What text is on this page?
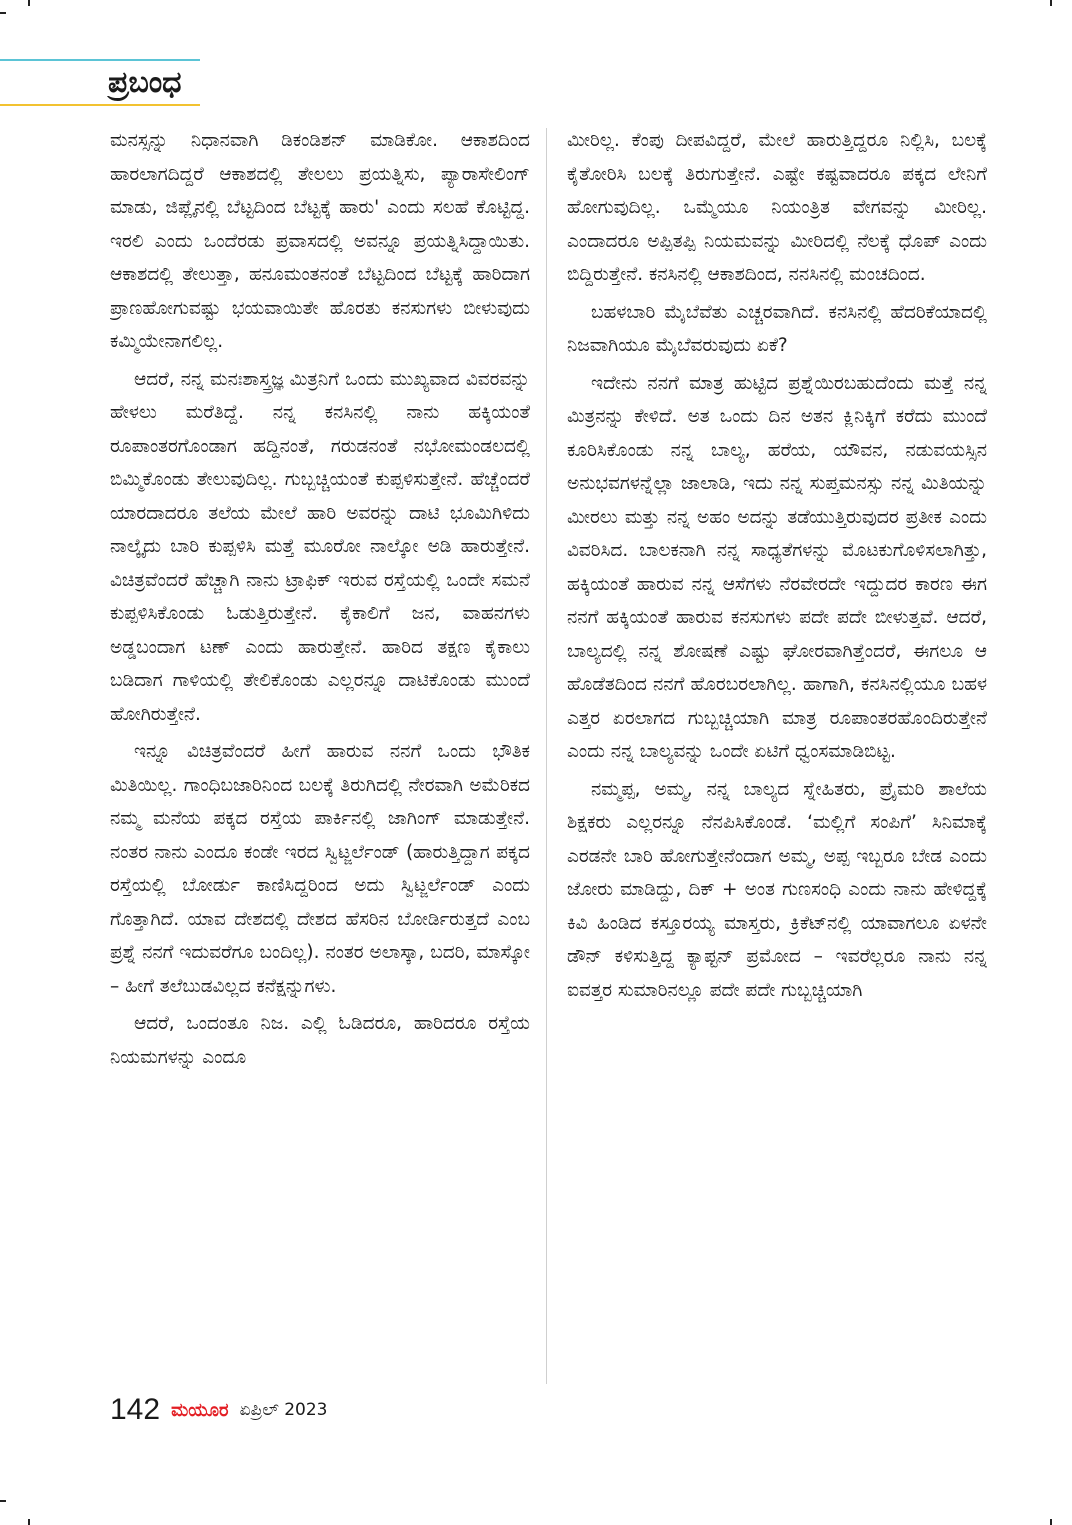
ಪ್ರಬಂಧ

ಮನಸ್ಸನ್ನು ನಿಧಾನವಾಗಿ ಡಿಕಂಡಿಶನ್ ಮಾಡಿಕೋ. ಆಕಾಶದಿಂದ ಹಾರಲಾಗದಿದ್ದರೆ ಆಕಾಶದಲ್ಲಿ ತೇಲಲು ಪ್ರಯತ್ನಿಸು, ಪ್ಯಾರಾಸೇಲಿಂಗ್ ಮಾಡು, ಜಿಪ್ಲೈನಲ್ಲಿ ಬೆಟ್ಟದಿಂದ ಬೆಟ್ಟಕ್ಕೆ ಹಾರು' ಎಂದು ಸಲಹೆ ಕೊಟ್ಟಿದ್ದ. ಇರಲಿ ಎಂದು ಒಂದೆರಡು ಪ್ರವಾಸದಲ್ಲಿ ಅವನ್ನೂ ಪ್ರಯತ್ನಿಸಿದ್ದಾಯಿತು. ಆಕಾಶದಲ್ಲಿ ತೇಲುತ್ತಾ, ಹನೂಮಂತನಂತೆ ಬೆಟ್ಟದಿಂದ ಬೆಟ್ಟಕ್ಕೆ ಹಾರಿದಾಗ ಪ್ರಾಣಹೋಗುವಷ್ಟು ಭಯವಾಯಿತೇ ಹೊರತು ಕನಸುಗಳು ಬೀಳುವುದು ಕಮ್ಮಿಯೇನಾಗಲಿಲ್ಲ.

ಆದರೆ, ನನ್ನ ಮನಃಶಾಸ್ತ್ರಜ್ಞ ಮಿತ್ರನಿಗೆ ಒಂದು ಮುಖ್ಯವಾದ ವಿವರವನ್ನು ಹೇಳಲು ಮರೆತಿದ್ದೆ. ನನ್ನ ಕನಸಿನಲ್ಲಿ ನಾನು ಹಕ್ಕಿಯಂತೆ ರೂಪಾಂತರಗೊಂಡಾಗ ಹದ್ದಿನಂತೆ, ಗರುಡನಂತೆ ನಭೋಮಂಡಲದಲ್ಲಿ ಬಿಮ್ಮಿಕೊಂಡು ತೇಲುವುದಿಲ್ಲ. ಗುಬ್ಬಚ್ಚಿಯಂತೆ ಕುಪ್ಪಳಿಸುತ್ತೇನೆ. ಹೆಚ್ಚೆಂದರೆ ಯಾರದಾದರೂ ತಲೆಯ ಮೇಲೆ ಹಾರಿ ಅವರನ್ನು ದಾಟಿ ಭೂಮಿಗಿಳಿದು ನಾಲ್ಕೈದು ಬಾರಿ ಕುಪ್ಪಳಿಸಿ ಮತ್ತೆ ಮೂರೋ ನಾಲ್ಕೋ ಅಡಿ ಹಾರುತ್ತೇನೆ. ವಿಚಿತ್ರವೆಂದರೆ ಹೆಚ್ಚಾಗಿ ನಾನು ಟ್ರಾಫಿಕ್ ಇರುವ ರಸ್ತೆಯಲ್ಲಿ ಒಂದೇ ಸಮನೆ ಕುಪ್ಪಳಿಸಿಕೊಂಡು ಓಡುತ್ತಿರುತ್ತೇನೆ. ಕೈಕಾಲಿಗೆ ಜನ, ವಾಹನಗಳು ಅಡ್ಡಬಂದಾಗ ಟಣ್ ಎಂದು ಹಾರುತ್ತೇನೆ. ಹಾರಿದ ತಕ್ಷಣ ಕೈಕಾಲು ಬಡಿದಾಗ ಗಾಳಿಯಲ್ಲಿ ತೇಲಿಕೊಂಡು ಎಲ್ಲರನ್ನೂ ದಾಟಿಕೊಂಡು ಮುಂದೆ ಹೋಗಿರುತ್ತೇನೆ.

ಇನ್ನೂ ವಿಚಿತ್ರವೆಂದರೆ ಹೀಗೆ ಹಾರುವ ನನಗೆ ಒಂದು ಭೌತಿಕ ಮಿತಿಯಿಲ್ಲ. ಗಾಂಧಿಬಜಾರಿನಿಂದ ಬಲಕ್ಕೆ ತಿರುಗಿದಲ್ಲಿ ನೇರವಾಗಿ ಅಮೆರಿಕದ ನಮ್ಮ ಮನೆಯ ಪಕ್ಕದ ರಸ್ತೆಯ ಪಾರ್ಕಿನಲ್ಲಿ ಜಾಗಿಂಗ್ ಮಾಡುತ್ತೇನೆ. ನಂತರ ನಾನು ಎಂದೂ ಕಂಡೇ ಇರದ ಸ್ವಿಟ್ಜರ್ಲೆಂಡ್ (ಹಾರುತ್ತಿದ್ದಾಗ ಪಕ್ಕದ ರಸ್ತೆಯಲ್ಲಿ ಬೋರ್ಡು ಕಾಣಿಸಿದ್ದರಿಂದ ಅದು ಸ್ವಿಟ್ಜರ್ಲೆಂಡ್ ಎಂದು ಗೊತ್ತಾಗಿದೆ. ಯಾವ ದೇಶದಲ್ಲಿ ದೇಶದ ಹೆಸರಿನ ಬೋರ್ಡಿರುತ್ತದೆ ಎಂಬ ಪ್ರಶ್ನೆ ನನಗೆ ಇದುವರೆಗೂ ಬಂದಿಲ್ಲ). ನಂತರ ಅಲಾಸ್ಕಾ, ಬದರಿ, ಮಾಸ್ಕೋ – ಹೀಗೆ ತಲೆಬುಡವಿಲ್ಲದ ಕನೆಕ್ಷನ್ನುಗಳು.

ಆದರೆ, ಒಂದಂತೂ ನಿಜ. ಎಲ್ಲಿ ಓಡಿದರೂ, ಹಾರಿದರೂ ರಸ್ತೆಯ ನಿಯಮಗಳನ್ನು ಎಂದೂ

ಮೀರಿಲ್ಲ. ಕೆಂಪು ದೀಪವಿದ್ದರೆ, ಮೇಲೆ ಹಾರುತ್ತಿದ್ದರೂ ನಿಲ್ಲಿಸಿ, ಬಲಕ್ಕೆ ಕೈತೋರಿಸಿ ಬಲಕ್ಕೆ ತಿರುಗುತ್ತೇನೆ. ಎಷ್ಟೇ ಕಷ್ಟವಾದರೂ ಪಕ್ಕದ ಲೇನಿಗೆ ಹೋಗುವುದಿಲ್ಲ. ಒಮ್ಮೆಯೂ ನಿಯಂತ್ರಿತ ವೇಗವನ್ನು ಮೀರಿಲ್ಲ. ಎಂದಾದರೂ ಅಪ್ಪಿತಪ್ಪಿ ನಿಯಮವನ್ನು ಮೀರಿದಲ್ಲಿ ನೆಲಕ್ಕೆ ಧೊಪ್ ಎಂದು ಬಿದ್ದಿರುತ್ತೇನೆ. ಕನಸಿನಲ್ಲಿ ಆಕಾಶದಿಂದ, ನನಸಿನಲ್ಲಿ ಮಂಚದಿಂದ.

ಬಹಳಬಾರಿ ಮೈಬೆವೆತು ಎಚ್ಚರವಾಗಿದೆ. ಕನಸಿನಲ್ಲಿ ಹೆದರಿಕೆಯಾದಲ್ಲಿ ನಿಜವಾಗಿಯೂ ಮೈಬೆವರುವುದು ಏಕೆ?

ಇದೇನು ನನಗೆ ಮಾತ್ರ ಹುಟ್ಟಿದ ಪ್ರಶ್ನೆಯಿರಬಹುದೆಂದು ಮತ್ತೆ ನನ್ನ ಮಿತ್ರನನ್ನು ಕೇಳಿದೆ. ಅತ ಒಂದು ದಿನ ಅತನ ಕ್ಲಿನಿಕ್ಕಿಗೆ ಕರೆದು ಮುಂದೆ ಕೂರಿಸಿಕೊಂಡು ನನ್ನ ಬಾಲ್ಯ, ಹರೆಯ, ಯೌವನ, ನಡುವಯಸ್ಸಿನ ಅನುಭವಗಳನ್ನೆಲ್ಲಾ ಜಾಲಾಡಿ, ಇದು ನನ್ನ ಸುಪ್ತಮನಸ್ಸು ನನ್ನ ಮಿತಿಯನ್ನು ಮೀರಲು ಮತ್ತು ನನ್ನ ಅಹಂ ಅದನ್ನು ತಡೆಯುತ್ತಿರುವುದರ ಪ್ರತೀಕ ಎಂದು ವಿವರಿಸಿದ. ಬಾಲಕನಾಗಿ ನನ್ನ ಸಾಧ್ಯತೆಗಳನ್ನು ಮೊಟಕುಗೊಳಿಸಲಾಗಿತ್ತು, ಹಕ್ಕಿಯಂತೆ ಹಾರುವ ನನ್ನ ಆಸೆಗಳು ನೆರವೇರದೇ ಇದ್ದುದರ ಕಾರಣ ಈಗ ನನಗೆ ಹಕ್ಕಿಯಂತೆ ಹಾರುವ ಕನಸುಗಳು ಪದೇ ಪದೇ ಬೀಳುತ್ತವೆ. ಆದರೆ, ಬಾಲ್ಯದಲ್ಲಿ ನನ್ನ ಶೋಷಣೆ ಎಷ್ಟು ಘೋರವಾಗಿತ್ತೆಂದರೆ, ಈಗಲೂ ಆ ಹೊಡೆತದಿಂದ ನನಗೆ ಹೊರಬರಲಾಗಿಲ್ಲ. ಹಾಗಾಗಿ, ಕನಸಿನಲ್ಲಿಯೂ ಬಹಳ ಎತ್ತರ ಏರಲಾಗದ ಗುಬ್ಬಚ್ಚಿಯಾಗಿ ಮಾತ್ರ ರೂಪಾಂತರಹೊಂದಿರುತ್ತೇನೆ ಎಂದು ನನ್ನ ಬಾಲ್ಯವನ್ನು ಒಂದೇ ಏಟಿಗೆ ಧ್ವಂಸಮಾಡಿಬಿಟ್ಟ.

ನಮ್ಮಪ್ಪ, ಅಮ್ಮ, ನನ್ನ ಬಾಲ್ಯದ ಸ್ನೇಹಿತರು, ಪ್ರೈಮರಿ ಶಾಲೆಯ ಶಿಕ್ಷಕರು ಎಲ್ಲರನ್ನೂ ನೆನಪಿಸಿಕೊಂಡೆ. ‘ಮಲ್ಲಿಗೆ ಸಂಪಿಗೆ’ ಸಿನಿಮಾಕ್ಕೆ ಎರಡನೇ ಬಾರಿ ಹೋಗುತ್ತೇನೆಂದಾಗ ಅಮ್ಮ, ಅಪ್ಪ ಇಬ್ಬರೂ ಬೇಡ ಎಂದು ಜೋರು ಮಾಡಿದ್ದು, ದಿಕ್ + ಅಂತ ಗುಣಸಂಧಿ ಎಂದು ನಾನು ಹೇಳಿದ್ದಕ್ಕೆ ಕಿವಿ ಹಿಂಡಿದ ಕಸ್ತೂರಯ್ಯ ಮಾಸ್ತರು, ಕ್ರಿಕೆಟ್‌ನಲ್ಲಿ ಯಾವಾಗಲೂ ಏಳನೇ ಡೌನ್ ಕಳಿಸುತ್ತಿದ್ದ ಕ್ಯಾಪ್ಟನ್ ಪ್ರಮೋದ – ಇವರೆಲ್ಲರೂ ನಾನು ನನ್ನ ಐವತ್ತರ ಸುಮಾರಿನಲ್ಲೂ ಪದೇ ಪದೇ ಗುಬ್ಬಚ್ಚಿಯಾಗಿ

142 ಮಯೂರ ಏಪ್ರಿಲ್ 2023
